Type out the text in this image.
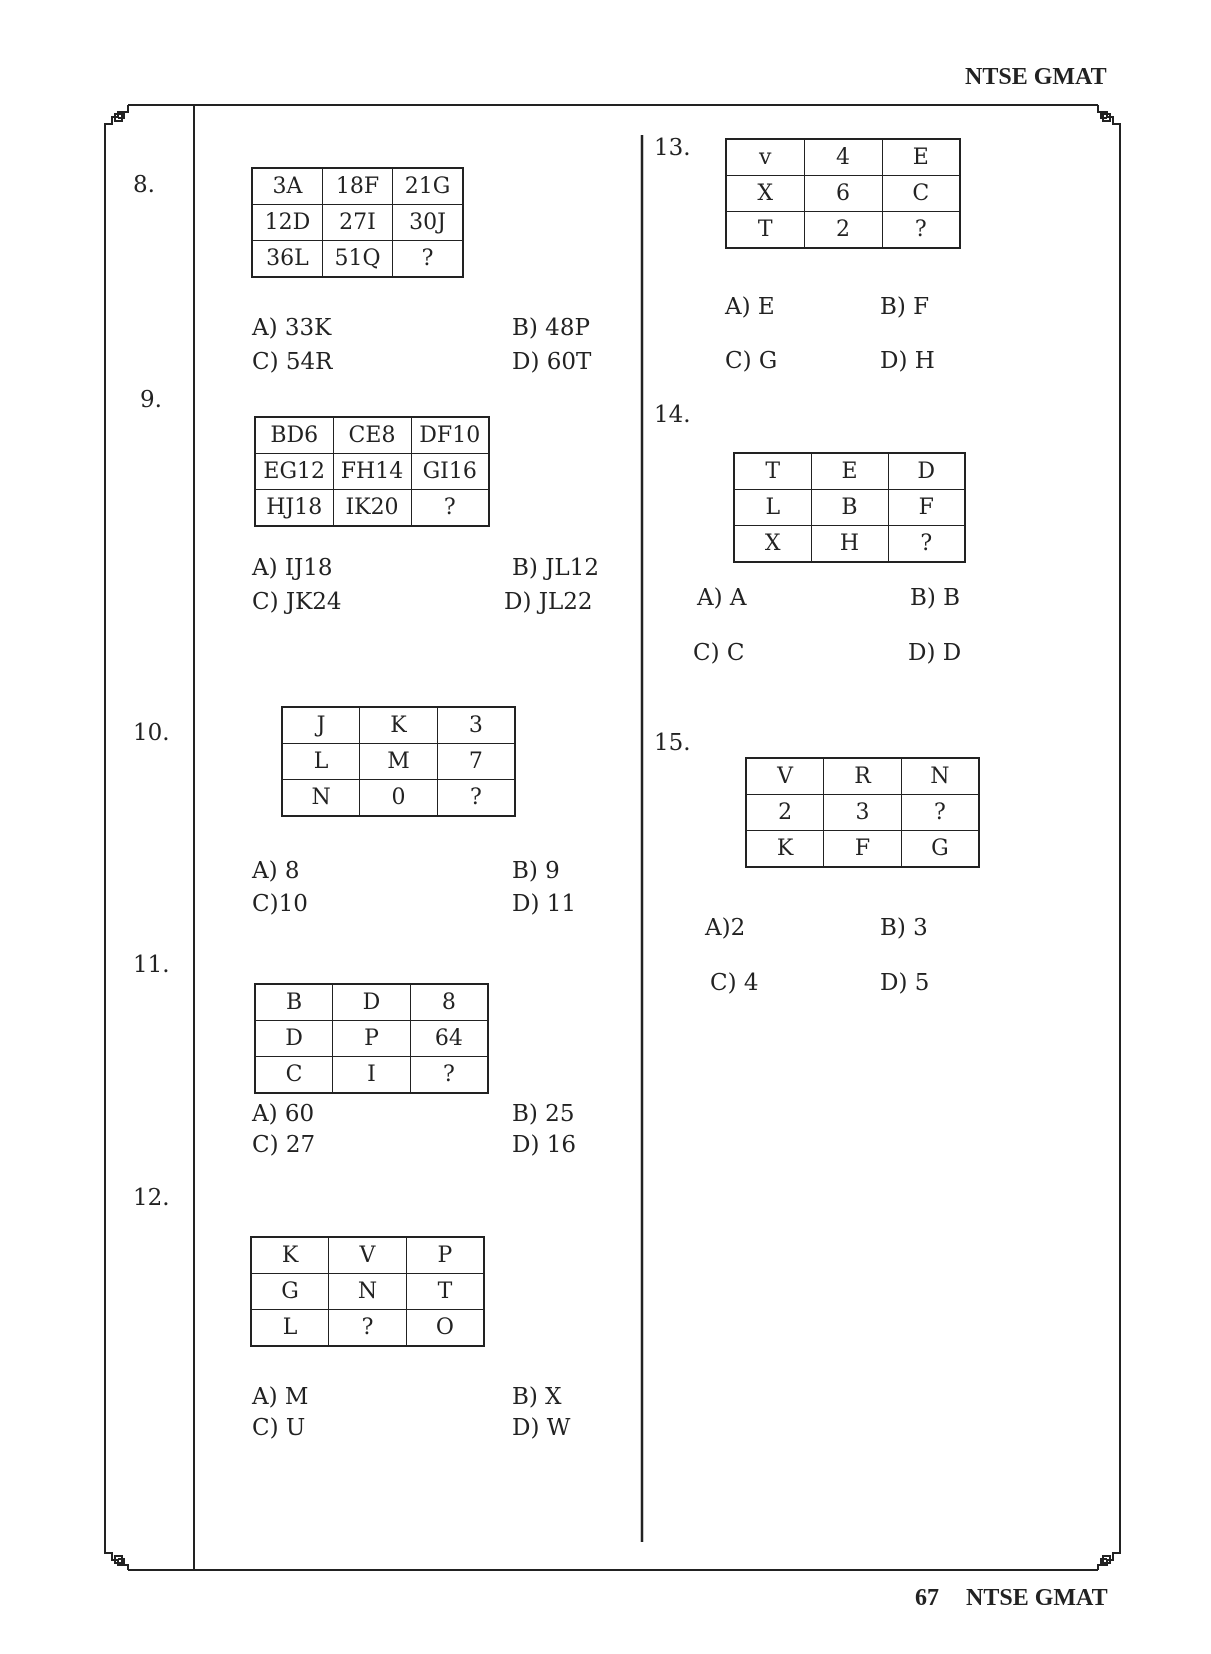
NTSE GMAT
8.	3A	18F	21G
12D	27I	30J
36L	51Q	?
A) 33K	B) 48P
C) 54R	D) 60T
9.
BD6	CE8	DF10
EG12	FH14	GI16
HJ18	IK20	?
A) IJ18	B) JL12
C) JK24	D) JL22
10.	J	K	3
L	M	7
N	0	?
A) 8	B) 9
C)10	D) 11
11.
B	D	8
D	P	64
C	I	?
A) 60	B) 25
C) 27	D) 16
12.
K	V	P
G	N	T
L	?	O
A) M	B) X
C) U	D) W
13.	v	4	E
X	6	C
T	2	?
A) E	B) F
C) G	D) H
14.
T	E	D
L	B	F
X	H	?
A) A	B) B
C) C	D) D
15.
V	R	N
2	3	?
K	F	G
A)2	B) 3
C) 4	D) 5
67 NTSE GMAT
